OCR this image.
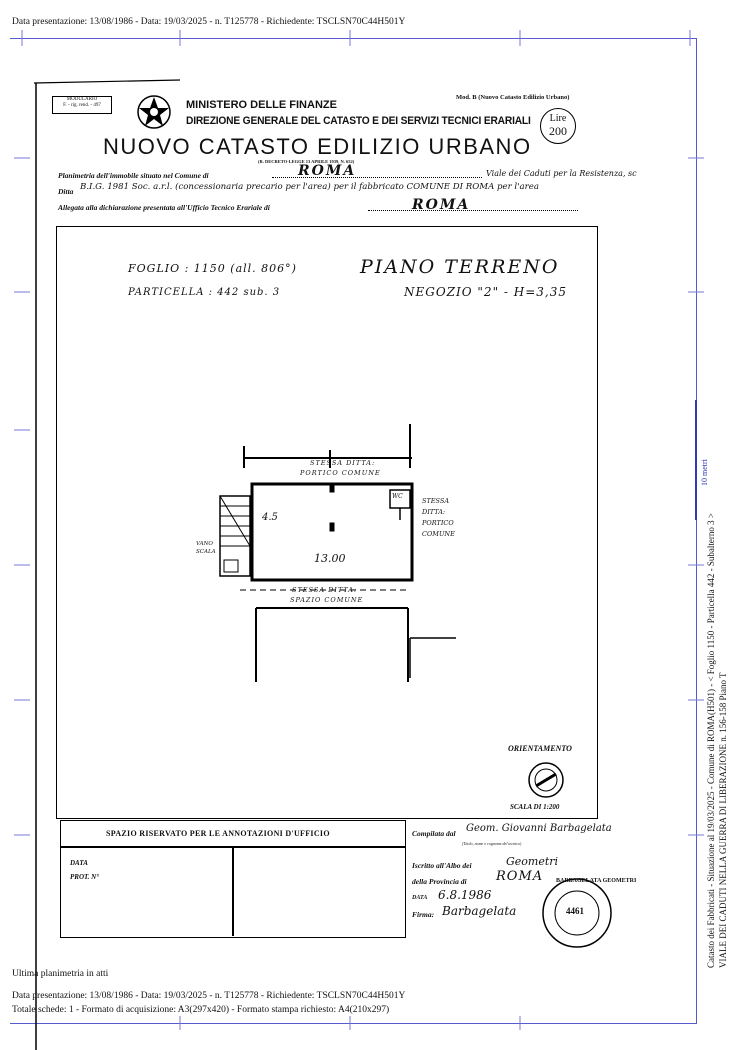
Data presentazione: 13/08/1986 - Data: 19/03/2025 - n. T125778 - Richiedente: TSCLSN70C44H501Y
MODULARIO
F. - rig. rend. - 497	MINISTERO DELLE FINANZE
DIREZIONE GENERALE DEL CATASTO E DEI SERVIZI TECNICI ERARIALI
Mod. B (Nuovo Catasto Edilizio Urbano)
Lire
200
NUOVO CATASTO EDILIZIO URBANO
(R. DECRETO-LEGGE 13 APRILE 1939, N. 652)
Planimetria dell'immobile situato nel Comune di	ROMA	Viale dei Caduti per la Resistenza, sc
Ditta B.I.G. 1981 Soc. a.r.l. (concessionaria precario per l'area) per il fabbricato COMUNE DI ROMA per l'area
Allegata alla dichiarazione presentata all'Ufficio Tecnico Erariale di	ROMA
FOGLIO : 1150 (all. 806°)
PARTICELLA : 442 sub. 3
PIANO TERRENO
NEGOZIO "2" - H=3,35
STESSA DITTA:
PORTICO COMUNE
STESSA
DITTA:
PORTICO
COMUNE
WC
VANO
SCALA
STESSA DITTA:
SPAZIO COMUNE
4.5
13.00
ORIENTAMENTO
SCALA DI 1:200
SPAZIO RISERVATO PER LE ANNOTAZIONI D'UFFICIO
DATA
PROT. N°
Compilata dal Geom. Giovanni Barbagelata
(Titolo, nome e cognome del tecnico)
Iscritto all'Albo dei	Geometri
della Provincia di ROMA
DATA 6.8.1986
Firma: Barbagelata
BARBAGELATA GEOMETRI
4461
Ultima planimetria in atti
Data presentazione: 13/08/1986 - Data: 19/03/2025 - n. T125778 - Richiedente: TSCLSN70C44H501Y
Totale schede: 1 - Formato di acquisizione: A3(297x420) - Formato stampa richiesto: A4(210x297)
Catasto dei Fabbricati - Situazione al 19/03/2025 - Comune di ROMA(H501) - < Foglio 1150 - Particella 442 - Subalterno 3 > VIALE DEI CADUTI NELLA GUERRA DI LIBERAZIONE n. 156-158 Piano T
10 metri
